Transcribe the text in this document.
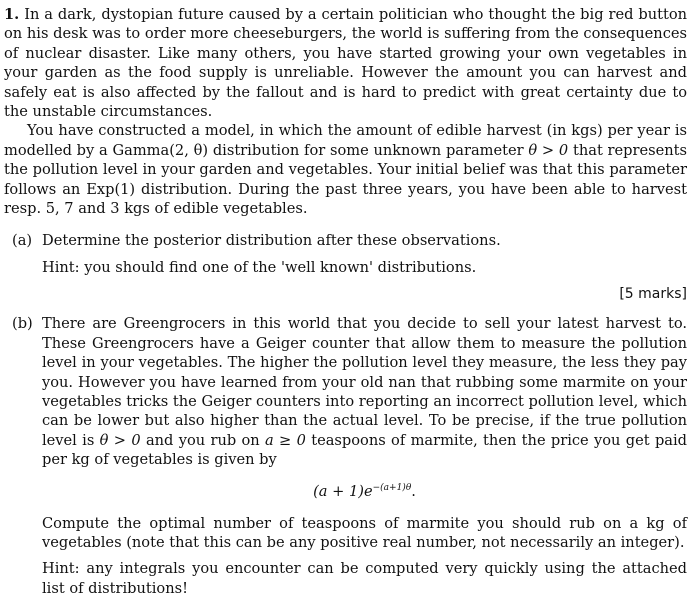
1. In a dark, dystopian future caused by a certain politician who thought the big red button on his desk was to order more cheeseburgers, the world is suffering from the consequences of nuclear disaster. Like many others, you have started growing your own vegetables in your garden as the food supply is unreliable. However the amount you can harvest and safely eat is also affected by the fallout and is hard to predict with great certainty due to the unstable circumstances.

You have constructed a model, in which the amount of edible harvest (in kgs) per year is modelled by a Gamma(2, θ) distribution for some unknown parameter θ > 0 that represents the pollution level in your garden and vegetables. Your initial belief was that this parameter follows an Exp(1) distribution. During the past three years, you have been able to harvest resp. 5, 7 and 3 kgs of edible vegetables.

(a) Determine the posterior distribution after these observations.

Hint: you should find one of the 'well known' distributions.

[5 marks]

(b) There are Greengrocers in this world that you decide to sell your latest harvest to. These Greengrocers have a Geiger counter that allow them to measure the pollution level in your vegetables. The higher the pollution level they measure, the less they pay you. However you have learned from your old nan that rubbing some marmite on your vegetables tricks the Geiger counters into reporting an incorrect pollution level, which can be lower but also higher than the actual level. To be precise, if the true pollution level is θ > 0 and you rub on a ≥ 0 teaspoons of marmite, then the price you get paid per kg of vegetables is given by

$(a + 1)e^{-(a+1)\theta}$.

Compute the optimal number of teaspoons of marmite you should rub on a kg of vegetables (note that this can be any positive real number, not necessarily an integer).

Hint: any integrals you encounter can be computed very quickly using the attached list of distributions!
